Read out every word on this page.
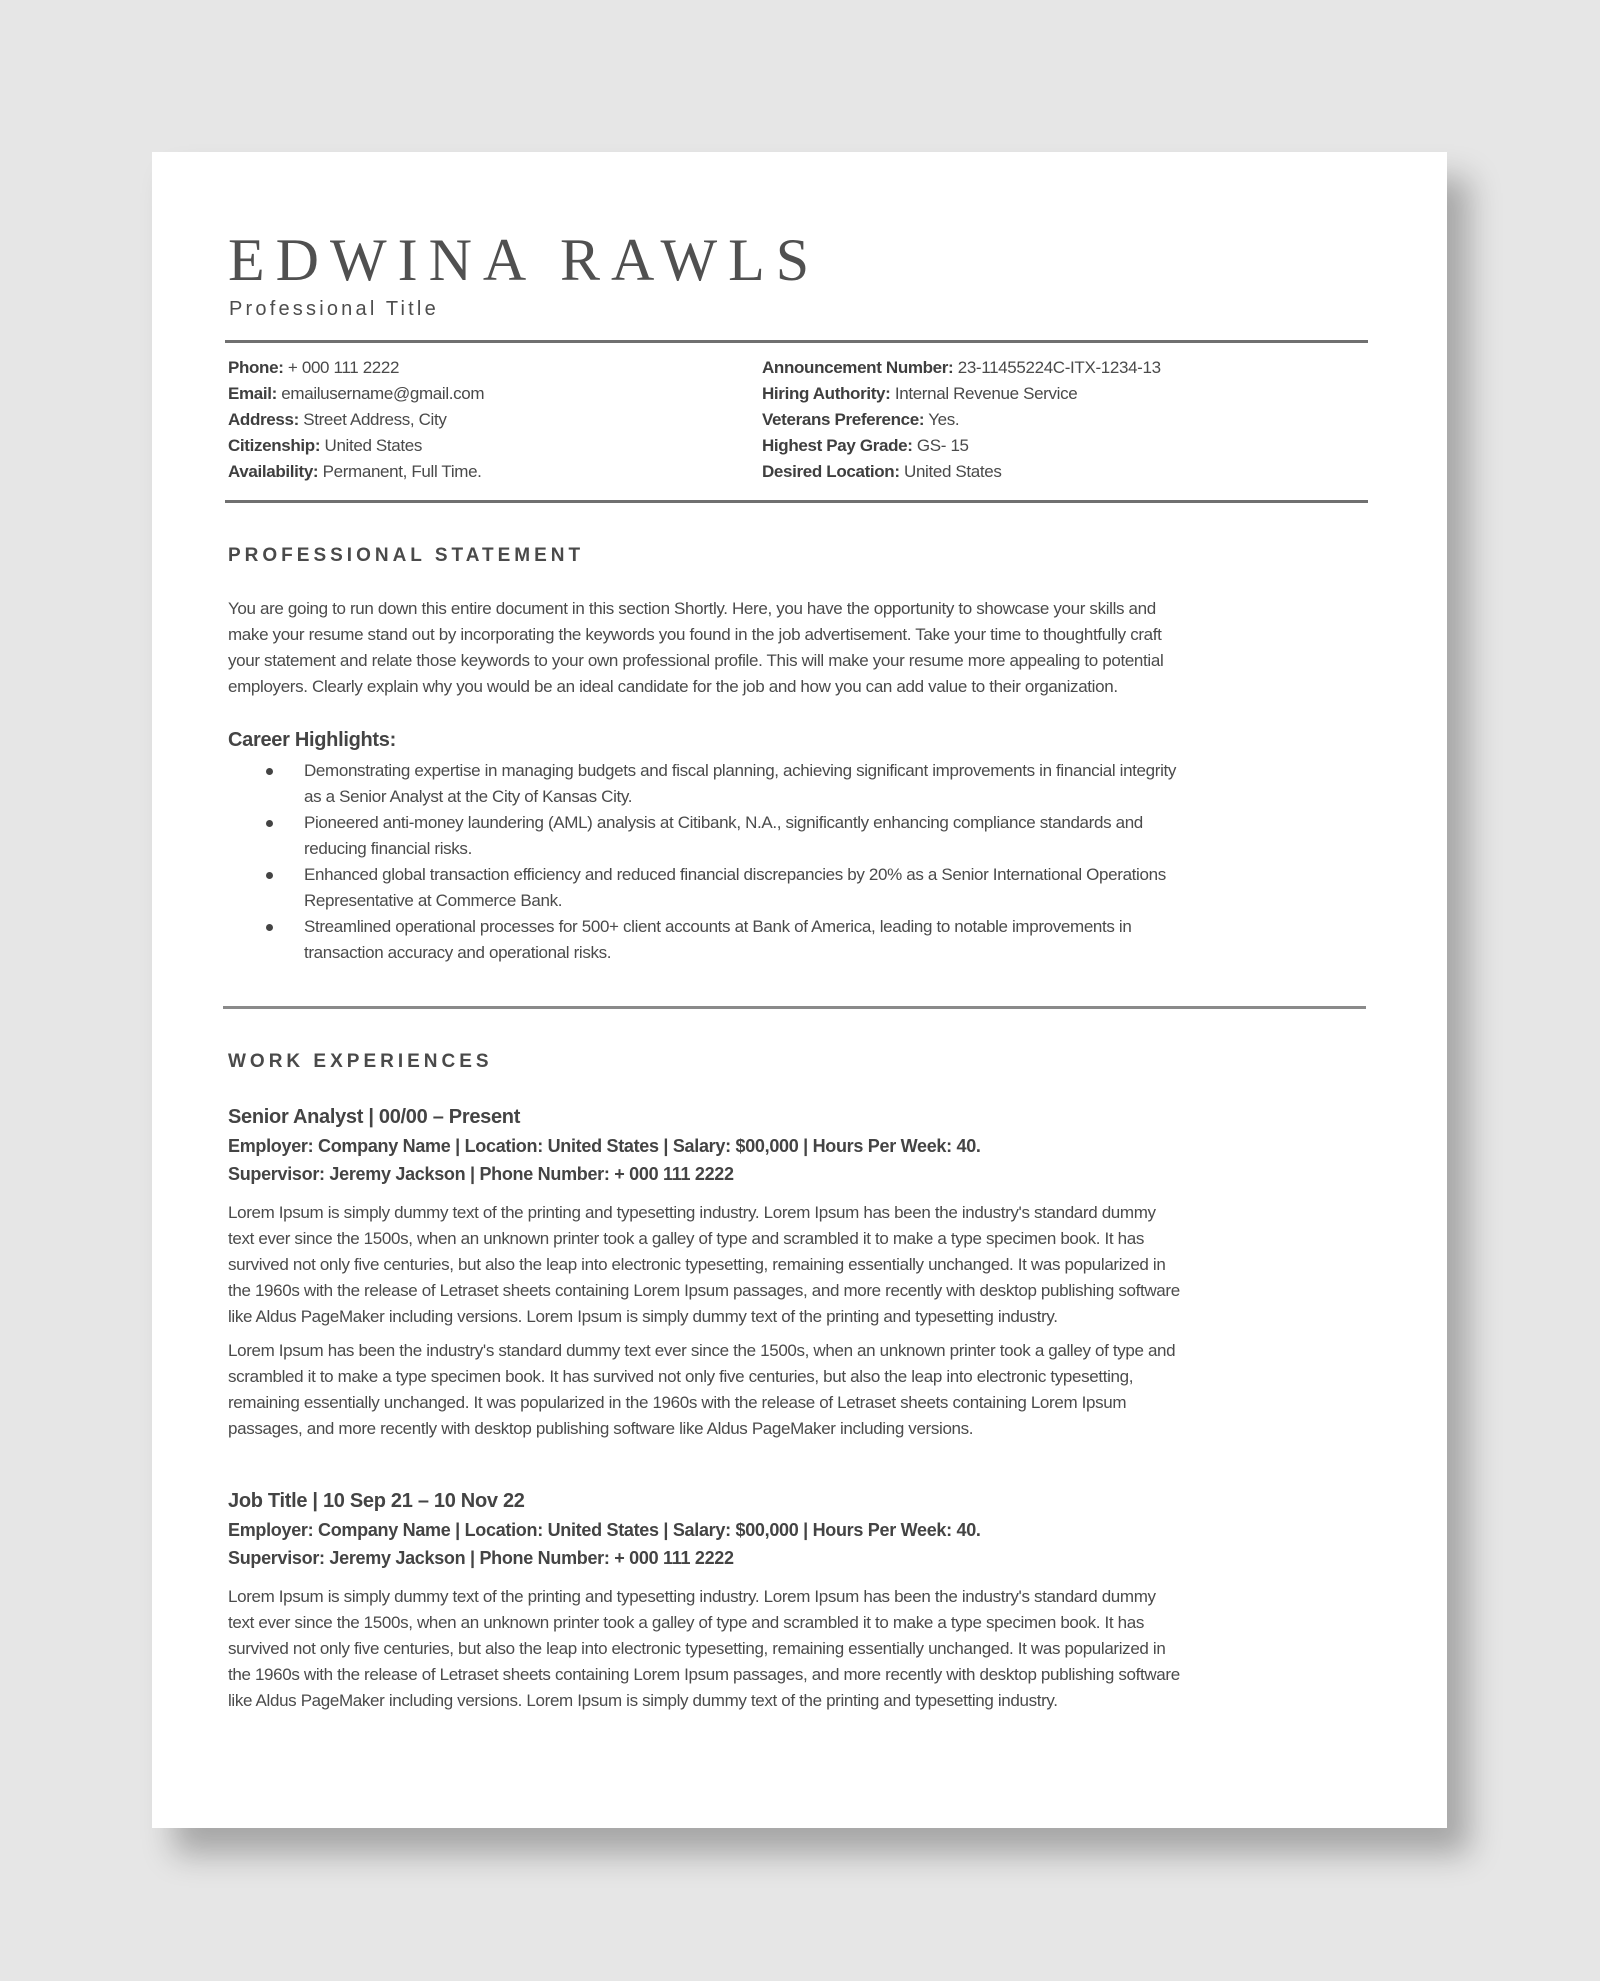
EDWINA RAWLS
Professional Title
Phone: + 000 111 2222
Email: emailusername@gmail.com
Address: Street Address, City
Citizenship: United States
Availability: Permanent, Full Time.
Announcement Number: 23-11455224C-ITX-1234-13
Hiring Authority: Internal Revenue Service
Veterans Preference: Yes.
Highest Pay Grade: GS- 15
Desired Location: United States
PROFESSIONAL STATEMENT
You are going to run down this entire document in this section Shortly. Here, you have the opportunity to showcase your skills and
make your resume stand out by incorporating the keywords you found in the job advertisement. Take your time to thoughtfully craft
your statement and relate those keywords to your own professional profile. This will make your resume more appealing to potential
employers. Clearly explain why you would be an ideal candidate for the job and how you can add value to their organization.
Career Highlights:
Demonstrating expertise in managing budgets and fiscal planning, achieving significant improvements in financial integrity
as a Senior Analyst at the City of Kansas City.
Pioneered anti-money laundering (AML) analysis at Citibank, N.A., significantly enhancing compliance standards and
reducing financial risks.
Enhanced global transaction efficiency and reduced financial discrepancies by 20% as a Senior International Operations
Representative at Commerce Bank.
Streamlined operational processes for 500+ client accounts at Bank of America, leading to notable improvements in
transaction accuracy and operational risks.
WORK EXPERIENCES
Senior Analyst | 00/00 – Present
Employer: Company Name | Location: United States | Salary: $00,000 | Hours Per Week: 40.
Supervisor: Jeremy Jackson | Phone Number: + 000 111 2222
Lorem Ipsum is simply dummy text of the printing and typesetting industry. Lorem Ipsum has been the industry's standard dummy
text ever since the 1500s, when an unknown printer took a galley of type and scrambled it to make a type specimen book. It has
survived not only five centuries, but also the leap into electronic typesetting, remaining essentially unchanged. It was popularized in
the 1960s with the release of Letraset sheets containing Lorem Ipsum passages, and more recently with desktop publishing software
like Aldus PageMaker including versions. Lorem Ipsum is simply dummy text of the printing and typesetting industry.
Lorem Ipsum has been the industry's standard dummy text ever since the 1500s, when an unknown printer took a galley of type and
scrambled it to make a type specimen book. It has survived not only five centuries, but also the leap into electronic typesetting,
remaining essentially unchanged. It was popularized in the 1960s with the release of Letraset sheets containing Lorem Ipsum
passages, and more recently with desktop publishing software like Aldus PageMaker including versions.
Job Title | 10 Sep 21 – 10 Nov 22
Employer: Company Name | Location: United States | Salary: $00,000 | Hours Per Week: 40.
Supervisor: Jeremy Jackson | Phone Number: + 000 111 2222
Lorem Ipsum is simply dummy text of the printing and typesetting industry. Lorem Ipsum has been the industry's standard dummy
text ever since the 1500s, when an unknown printer took a galley of type and scrambled it to make a type specimen book. It has
survived not only five centuries, but also the leap into electronic typesetting, remaining essentially unchanged. It was popularized in
the 1960s with the release of Letraset sheets containing Lorem Ipsum passages, and more recently with desktop publishing software
like Aldus PageMaker including versions. Lorem Ipsum is simply dummy text of the printing and typesetting industry.
